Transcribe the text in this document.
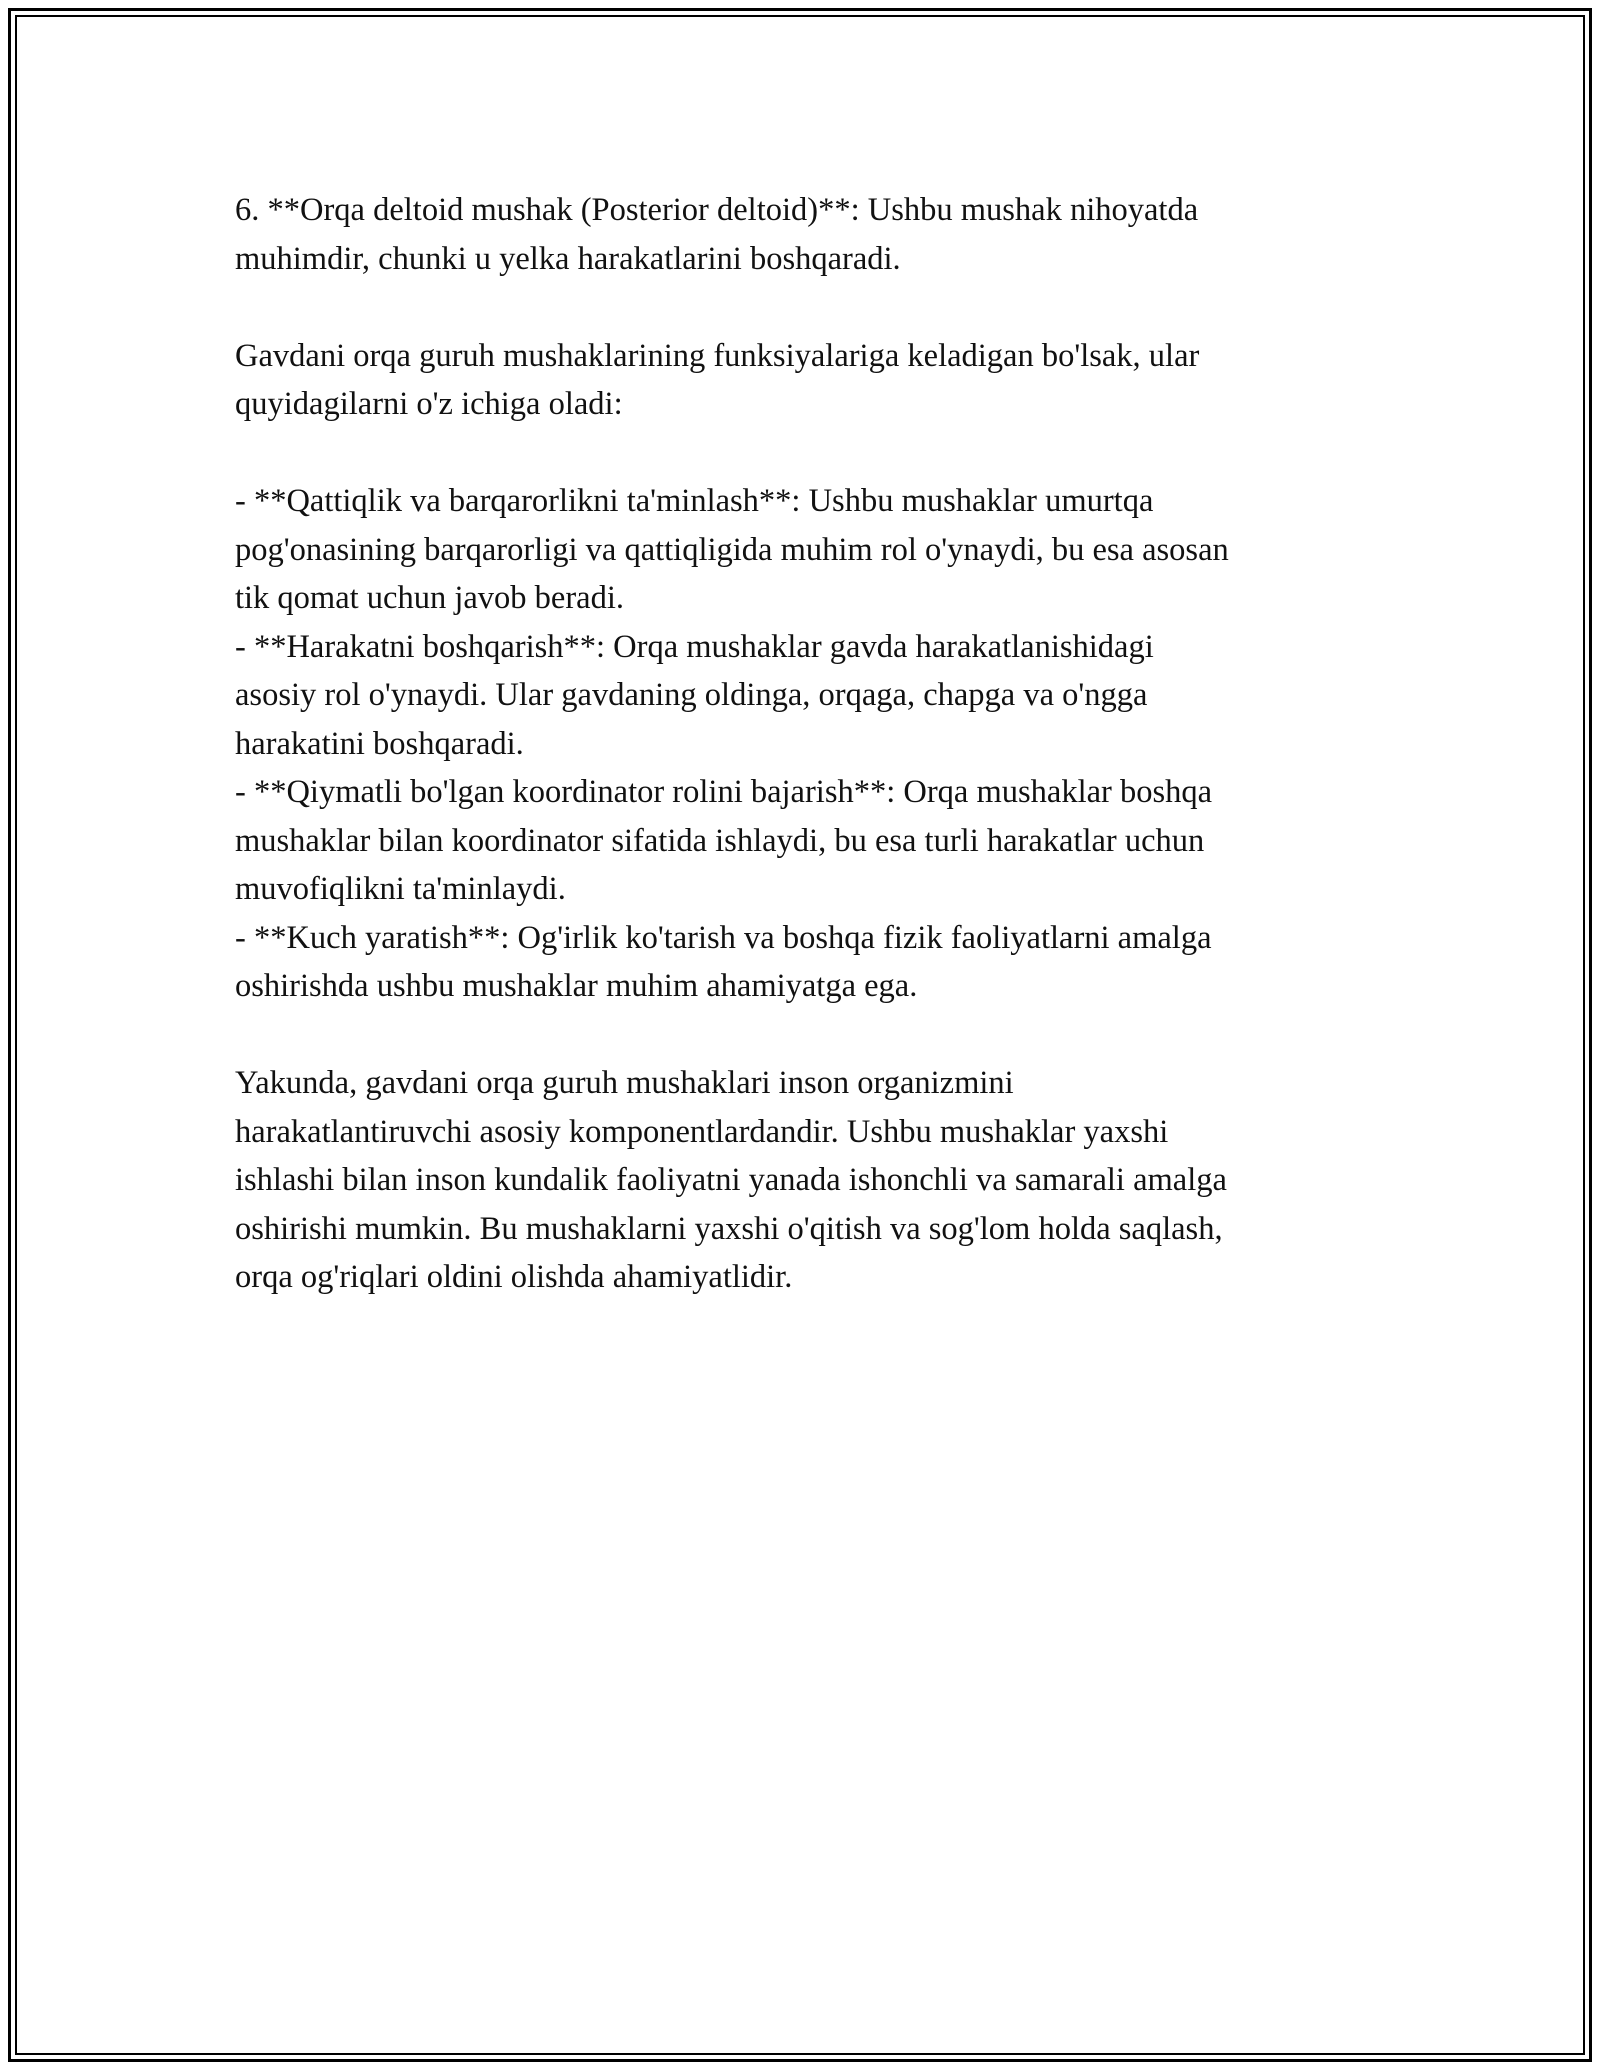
6. **Orqa deltoid mushak (Posterior deltoid)**: Ushbu mushak nihoyatda

muhimdir, chunki u yelka harakatlarini boshqaradi.

Gavdani orqa guruh mushaklarining funksiyalariga keladigan bo'lsak, ular

quyidagilarni o'z ichiga oladi:

- **Qattiqlik va barqarorlikni ta'minlash**: Ushbu mushaklar umurtqa

pog'onasining barqarorligi va qattiqligida muhim rol o'ynaydi, bu esa asosan

tik qomat uchun javob beradi.

- **Harakatni boshqarish**: Orqa mushaklar gavda harakatlanishidagi

asosiy rol o'ynaydi. Ular gavdaning oldinga, orqaga, chapga va o'ngga

harakatini boshqaradi.

- **Qiymatli bo'lgan koordinator rolini bajarish**: Orqa mushaklar boshqa

mushaklar bilan koordinator sifatida ishlaydi, bu esa turli harakatlar uchun

muvofiqlikni ta'minlaydi.

- **Kuch yaratish**: Og'irlik ko'tarish va boshqa fizik faoliyatlarni amalga

oshirishda ushbu mushaklar muhim ahamiyatga ega.

Yakunda, gavdani orqa guruh mushaklari inson organizmini

harakatlantiruvchi asosiy komponentlardandir. Ushbu mushaklar yaxshi

ishlashi bilan inson kundalik faoliyatni yanada ishonchli va samarali amalga

oshirishi mumkin. Bu mushaklarni yaxshi o'qitish va sog'lom holda saqlash,

orqa og'riqlari oldini olishda ahamiyatlidir.
